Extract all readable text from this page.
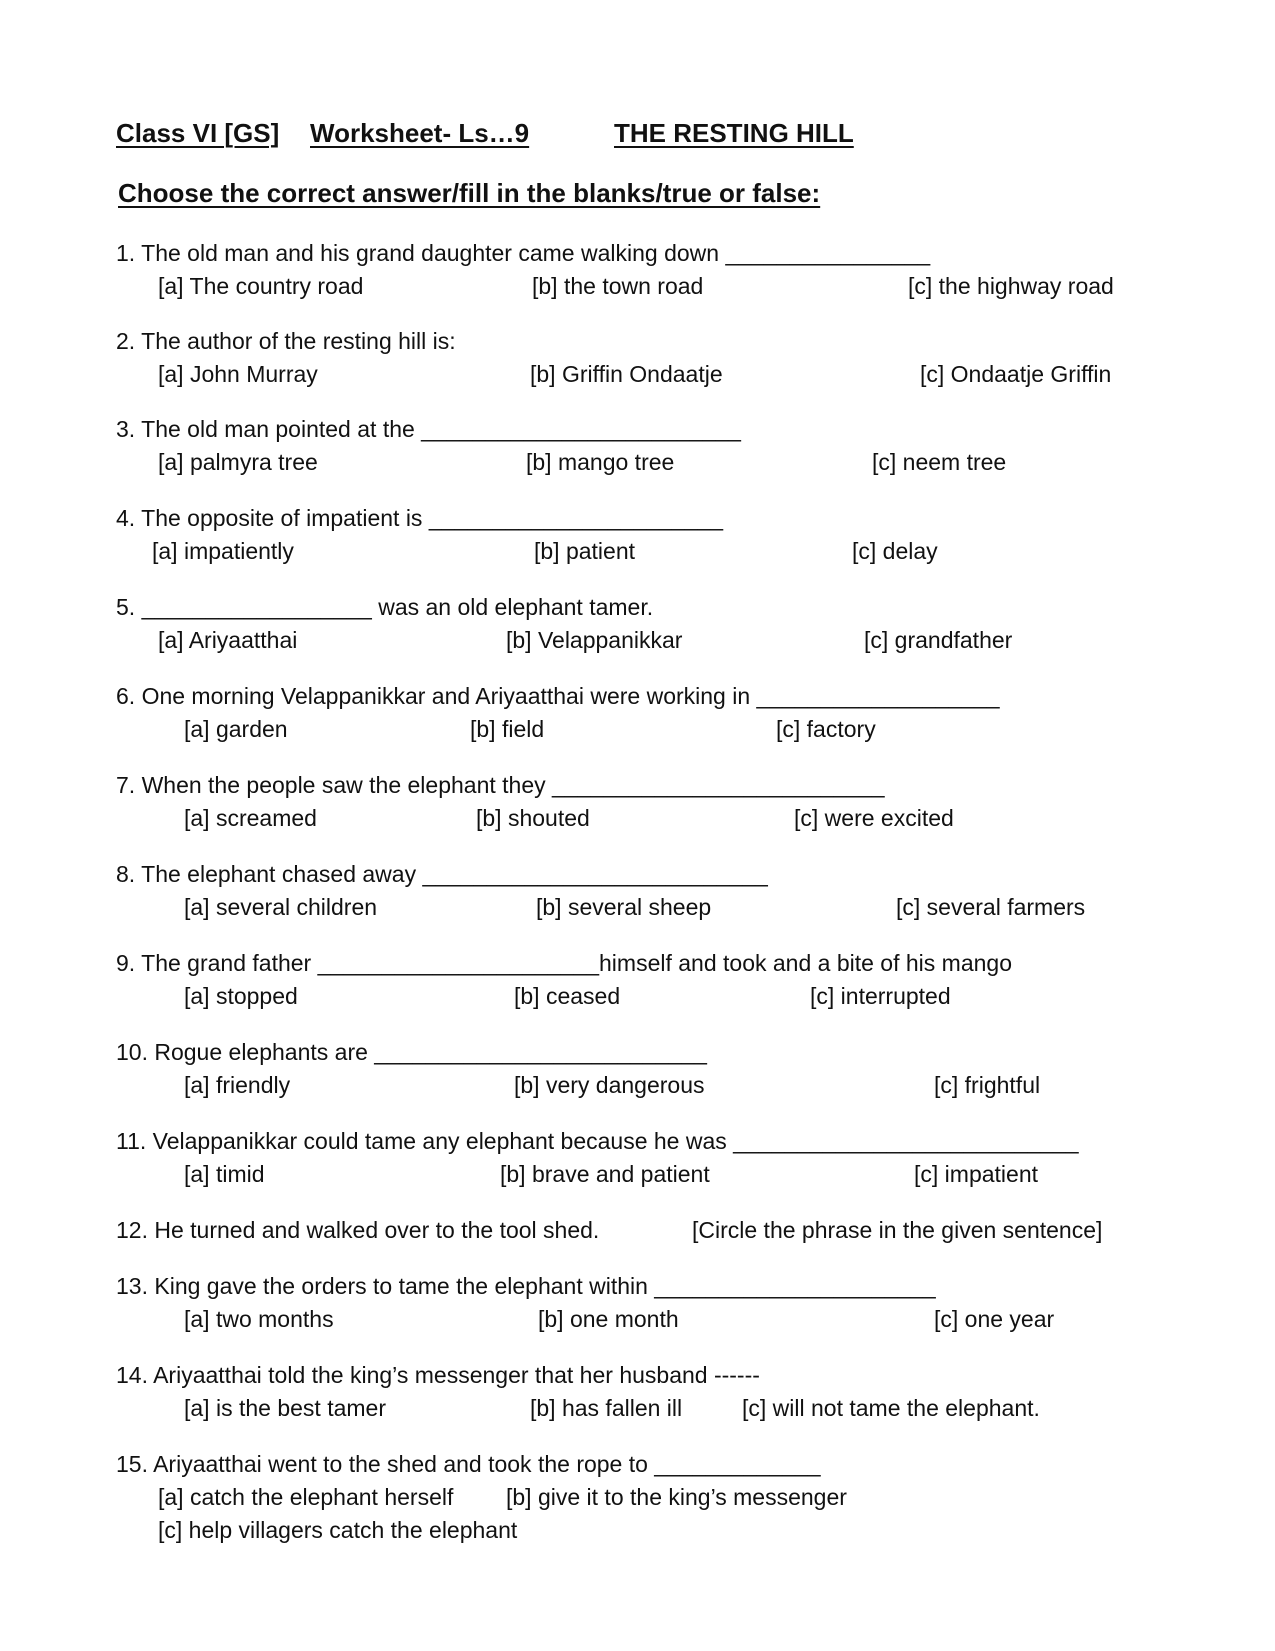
Class VI [GS] Worksheet- Ls…9	THE RESTING HILL
Choose the correct answer/fill in the blanks/true or false:
1. The old man and his grand daughter came walking down ________________
[a] The country road	[b] the town road	[c] the highway road
2. The author of the resting hill is:
[a] John Murray	[b] Griffin Ondaatje	[c] Ondaatje Griffin
3. The old man pointed at the _________________________
[a] palmyra tree	[b] mango tree	[c] neem tree
4. The opposite of impatient is _______________________
[a] impatiently	[b] patient	[c] delay
5. __________________ was an old elephant tamer.
[a] Ariyaatthai	[b] Velappanikkar	[c] grandfather
6. One morning Velappanikkar and Ariyaatthai were working in ___________________
[a] garden	[b] field	[c] factory
7. When the people saw the elephant they __________________________
[a] screamed	[b] shouted	[c] were excited
8. The elephant chased away ___________________________
[a] several children	[b] several sheep	[c] several farmers
9. The grand father ______________________himself and took and a bite of his mango
[a] stopped	[b] ceased	[c] interrupted
10. Rogue elephants are __________________________
[a] friendly	[b] very dangerous	[c] frightful
11. Velappanikkar could tame any elephant because he was ___________________________
[a] timid	[b] brave and patient	[c] impatient
12. He turned and walked over to the tool shed.	[Circle the phrase in the given sentence]
13. King gave the orders to tame the elephant within ______________________
[a] two months	[b] one month	[c] one year
14. Ariyaatthai told the king’s messenger that her husband ------
[a] is the best tamer	[b] has fallen ill	[c] will not tame the elephant.
15. Ariyaatthai went to the shed and took the rope to _____________
[a] catch the elephant herself [b] give it to the king’s messenger
[c] help villagers catch the elephant
